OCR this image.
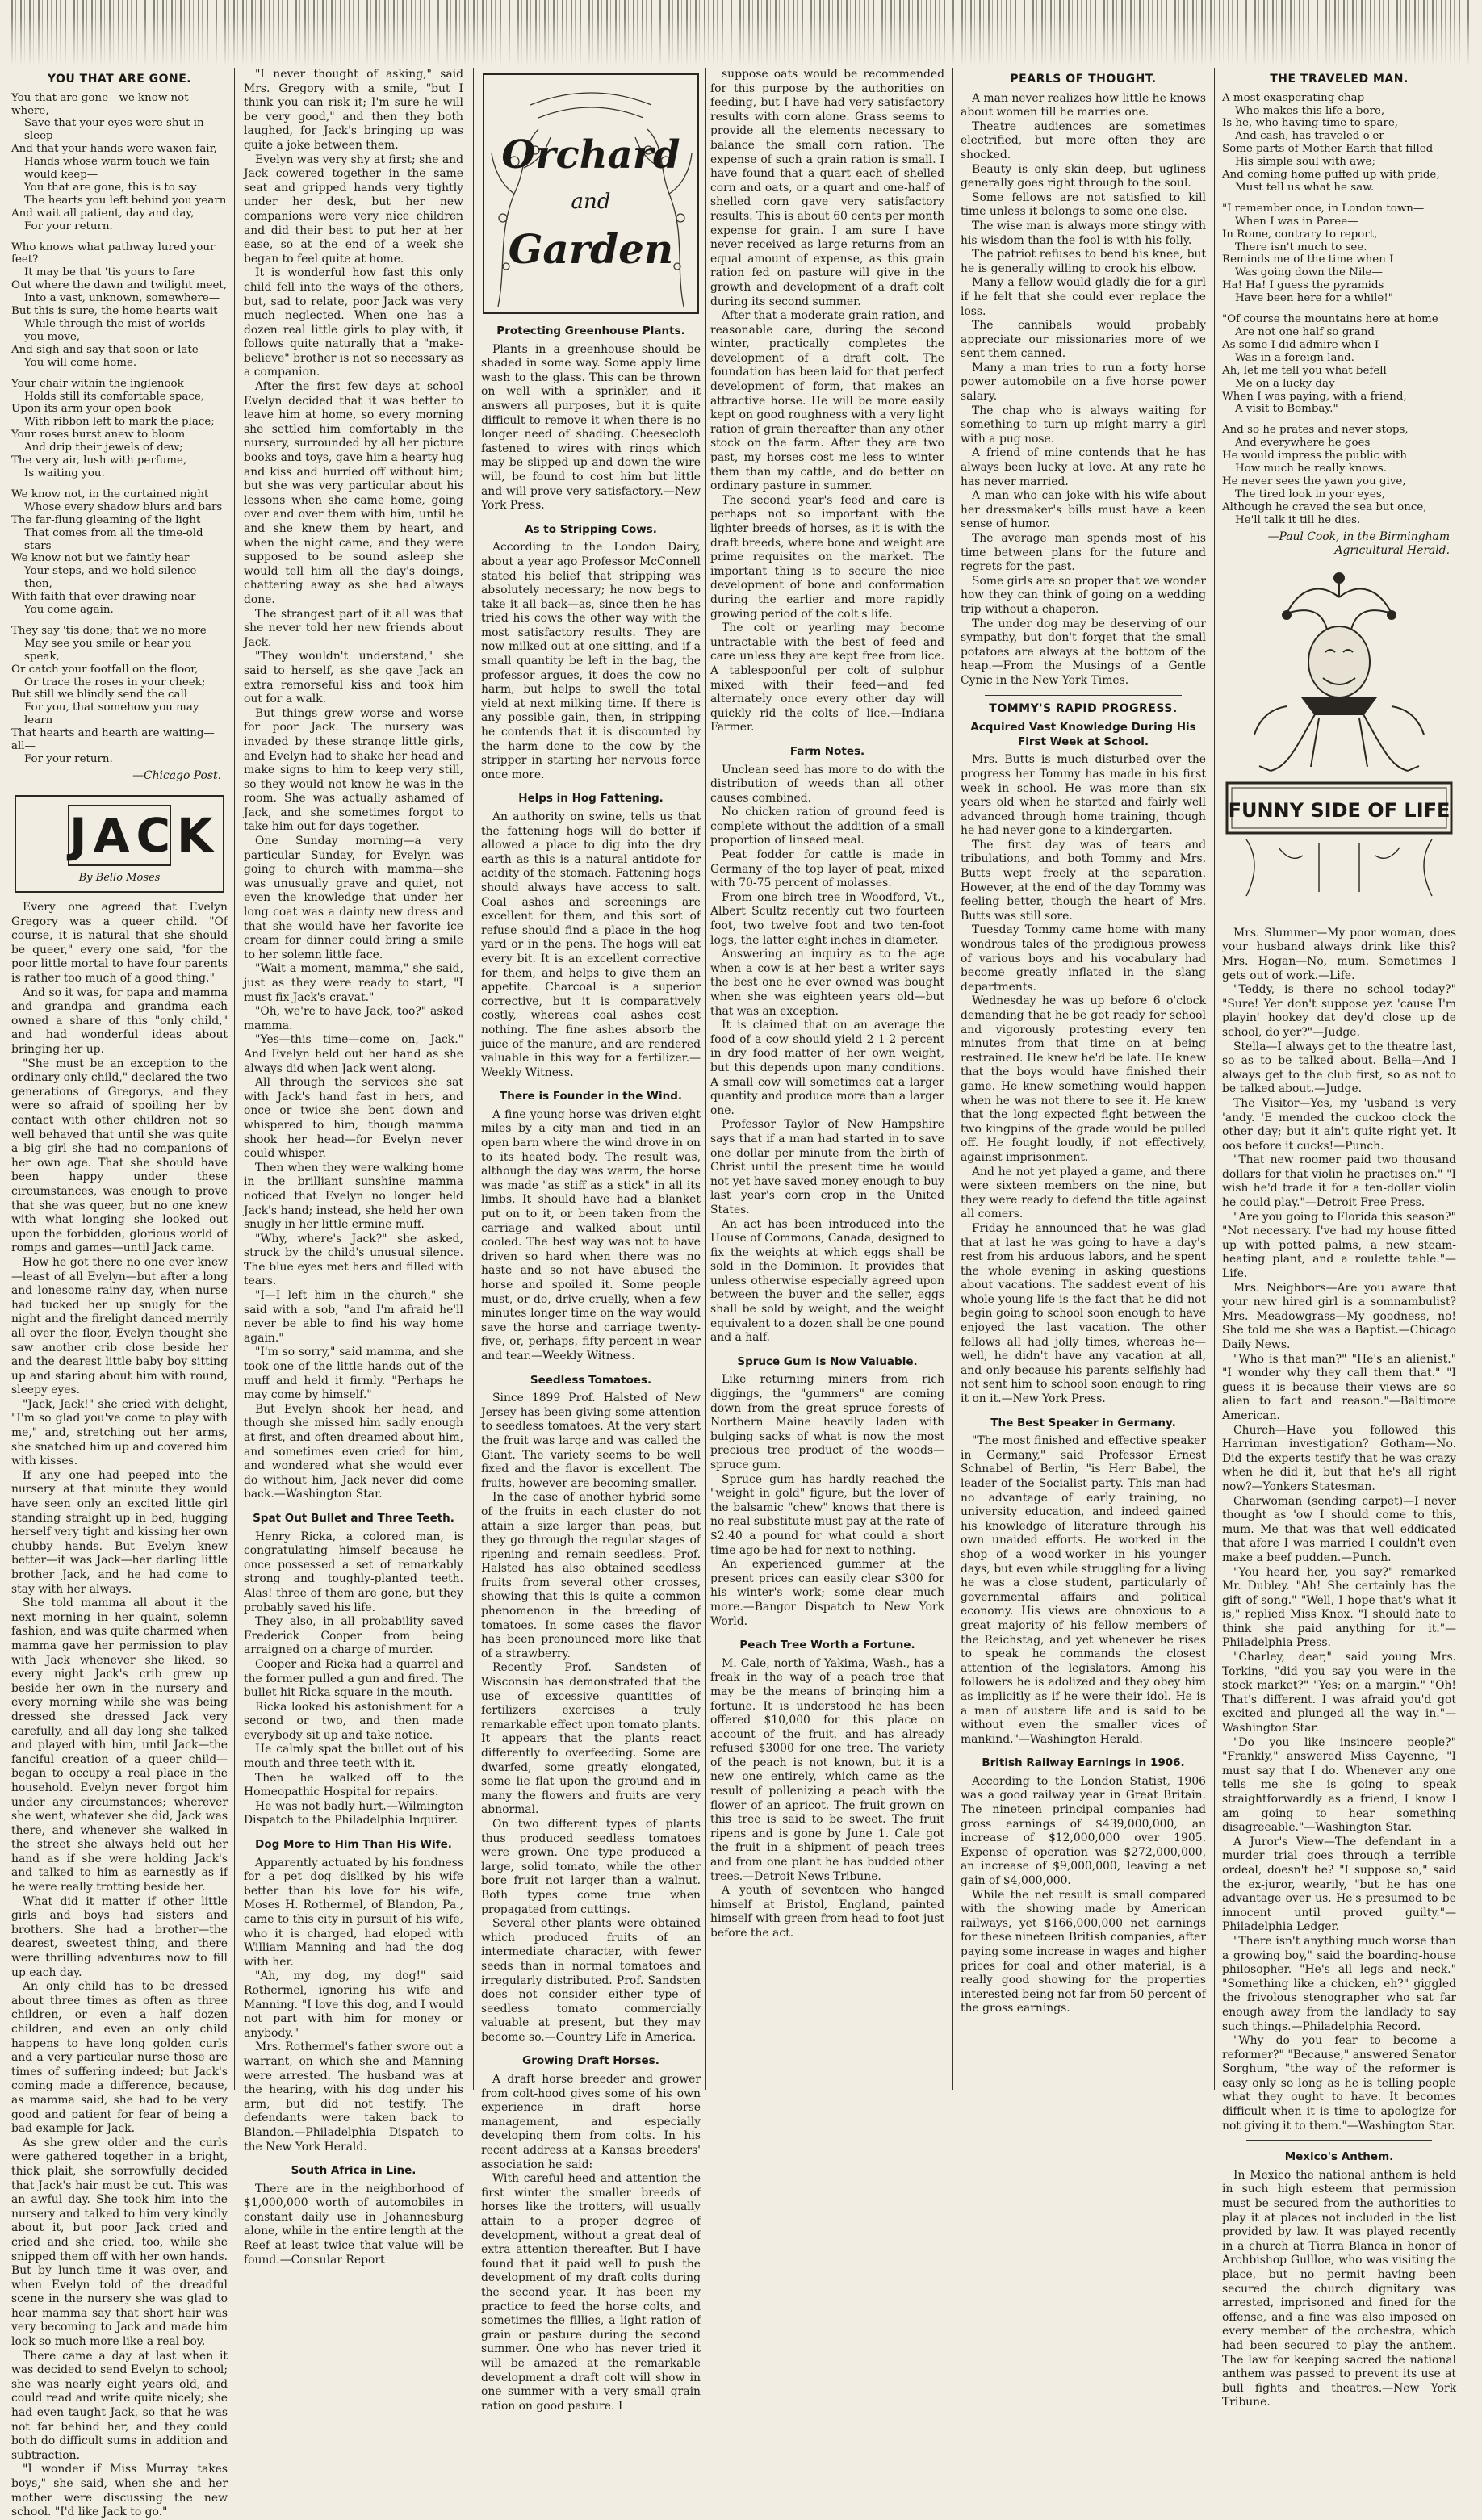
YOU THAT ARE GONE.
You that are gone—we know not where,
Save that your eyes were shut in sleep
And that your hands were waxen fair,
Hands whose warm touch we fain would keep—
You that are gone, this is to say
The hearts you left behind you yearn
And wait all patient, day and day,
For your return.
Who knows what pathway lured your feet?
It may be that 'tis yours to fare
Out where the dawn and twilight meet,
Into a vast, unknown, somewhere—
But this is sure, the home hearts wait
While through the mist of worlds you move,
And sigh and say that soon or late
You will come home.
Your chair within the inglenook
Holds still its comfortable space,
Upon its arm your open book
With ribbon left to mark the place;
Your roses burst anew to bloom
And drip their jewels of dew;
The very air, lush with perfume,
Is waiting you.
We know not, in the curtained night
Whose every shadow blurs and bars
The far-flung gleaming of the light
That comes from all the time-old stars—
We know not but we faintly hear
Your steps, and we hold silence then,
With faith that ever drawing near
You come again.
They say 'tis done; that we no more
May see you smile or hear you speak,
Or catch your footfall on the floor,
Or trace the roses in your cheek;
But still we blindly send the call
For you, that somehow you may learn
That hearts and hearth are waiting—all—
For your return.
—Chicago Post.
JACK
By Bello Moses

Every one agreed that Evelyn Gregory was a queer child. "Of course, it is natural that she should be queer," every one said, "for the poor little mortal to have four parents is rather too much of a good thing."

And so it was, for papa and mamma and grandpa and grandma each owned a share of this "only child," and had wonderful ideas about bringing her up.

"She must be an exception to the ordinary only child," declared the two generations of Gregorys, and they were so afraid of spoiling her by contact with other children not so well behaved that until she was quite a big girl she had no companions of her own age. That she should have been happy under these circumstances, was enough to prove that she was queer, but no one knew with what longing she looked out upon the forbidden, glorious world of romps and games—until Jack came.

How he got there no one ever knew—least of all Evelyn—but after a long and lonesome rainy day, when nurse had tucked her up snugly for the night and the firelight danced merrily all over the floor, Evelyn thought she saw another crib close beside her and the dearest little baby boy sitting up and staring about him with round, sleepy eyes.

"Jack, Jack!" she cried with delight, "I'm so glad you've come to play with me," and, stretching out her arms, she snatched him up and covered him with kisses.

If any one had peeped into the nursery at that minute they would have seen only an excited little girl standing straight up in bed, hugging herself very tight and kissing her own chubby hands. But Evelyn knew better—it was Jack—her darling little brother Jack, and he had come to stay with her always.

She told mamma all about it the next morning in her quaint, solemn fashion, and was quite charmed when mamma gave her permission to play with Jack whenever she liked, so every night Jack's crib grew up beside her own in the nursery and every morning while she was being dressed she dressed Jack very carefully, and all day long she talked and played with him, until Jack—the fanciful creation of a queer child—began to occupy a real place in the household. Evelyn never forgot him under any circumstances; wherever she went, whatever she did, Jack was there, and whenever she walked in the street she always held out her hand as if she were holding Jack's and talked to him as earnestly as if he were really trotting beside her.

What did it matter if other little girls and boys had sisters and brothers. She had a brother—the dearest, sweetest thing, and there were thrilling adventures now to fill up each day.

An only child has to be dressed about three times as often as three children, or even a half dozen children, and even an only child happens to have long golden curls and a very particular nurse those are times of suffering indeed; but Jack's coming made a difference, because, as mamma said, she had to be very good and patient for fear of being a bad example for Jack.

As she grew older and the curls were gathered together in a bright, thick plait, she sorrowfully decided that Jack's hair must be cut. This was an awful day. She took him into the nursery and talked to him very kindly about it, but poor Jack cried and cried and she cried, too, while she snipped them off with her own hands. But by lunch time it was over, and when Evelyn told of the dreadful scene in the nursery she was glad to hear mamma say that short hair was very becoming to Jack and made him look so much more like a real boy.

There came a day at last when it was decided to send Evelyn to school; she was nearly eight years old, and could read and write quite nicely; she had even taught Jack, so that he was not far behind her, and they could both do difficult sums in addition and subtraction.

"I wonder if Miss Murray takes boys," she said, when she and her mother were discussing the new school. "I'd like Jack to go."

"I never thought of asking," said Mrs. Gregory with a smile, "but I think you can risk it; I'm sure he will be very good," and then they both laughed, for Jack's bringing up was quite a joke between them.

Evelyn was very shy at first; she and Jack cowered together in the same seat and gripped hands very tightly under her desk, but her new companions were very nice children and did their best to put her at her ease, so at the end of a week she began to feel quite at home.

It is wonderful how fast this only child fell into the ways of the others, but, sad to relate, poor Jack was very much neglected. When one has a dozen real little girls to play with, it follows quite naturally that a "make-believe" brother is not so necessary as a companion.

After the first few days at school Evelyn decided that it was better to leave him at home, so every morning she settled him comfortably in the nursery, surrounded by all her picture books and toys, gave him a hearty hug and kiss and hurried off without him; but she was very particular about his lessons when she came home, going over and over them with him, until he and she knew them by heart, and when the night came, and they were supposed to be sound asleep she would tell him all the day's doings, chattering away as she had always done.

The strangest part of it all was that she never told her new friends about Jack.

"They wouldn't understand," she said to herself, as she gave Jack an extra remorseful kiss and took him out for a walk.

But things grew worse and worse for poor Jack. The nursery was invaded by these strange little girls, and Evelyn had to shake her head and make signs to him to keep very still, so they would not know he was in the room. She was actually ashamed of Jack, and she sometimes forgot to take him out for days together.

One Sunday morning—a very particular Sunday, for Evelyn was going to church with mamma—she was unusually grave and quiet, not even the knowledge that under her long coat was a dainty new dress and that she would have her favorite ice cream for dinner could bring a smile to her solemn little face.

"Wait a moment, mamma," she said, just as they were ready to start, "I must fix Jack's cravat."

"Oh, we're to have Jack, too?" asked mamma.

"Yes—this time—come on, Jack." And Evelyn held out her hand as she always did when Jack went along.

All through the services she sat with Jack's hand fast in hers, and once or twice she bent down and whispered to him, though mamma shook her head—for Evelyn never could whisper.

Then when they were walking home in the brilliant sunshine mamma noticed that Evelyn no longer held Jack's hand; instead, she held her own snugly in her little ermine muff.

"Why, where's Jack?" she asked, struck by the child's unusual silence. The blue eyes met hers and filled with tears.

"I—I left him in the church," she said with a sob, "and I'm afraid he'll never be able to find his way home again."

"I'm so sorry," said mamma, and she took one of the little hands out of the muff and held it firmly. "Perhaps he may come by himself."

But Evelyn shook her head, and though she missed him sadly enough at first, and often dreamed about him, and sometimes even cried for him, and wondered what she would ever do without him, Jack never did come back.—Washington Star.

Spat Out Bullet and Three Teeth.

Henry Ricka, a colored man, is congratulating himself because he once possessed a set of remarkably strong and toughly-planted teeth. Alas! three of them are gone, but they probably saved his life.

They also, in all probability saved Frederick Cooper from being arraigned on a charge of murder.

Cooper and Ricka had a quarrel and the former pulled a gun and fired. The bullet hit Ricka square in the mouth.

Ricka looked his astonishment for a second or two, and then made everybody sit up and take notice.

He calmly spat the bullet out of his mouth and three teeth with it.

Then he walked off to the Homeopathic Hospital for repairs.

He was not badly hurt.—Wilmington Dispatch to the Philadelphia Inquirer.

Dog More to Him Than His Wife.

Apparently actuated by his fondness for a pet dog disliked by his wife better than his love for his wife, Moses H. Rothermel, of Blandon, Pa., came to this city in pursuit of his wife, who it is charged, had eloped with William Manning and had the dog with her.

"Ah, my dog, my dog!" said Rothermel, ignoring his wife and Manning. "I love this dog, and I would not part with him for money or anybody."

Mrs. Rothermel's father swore out a warrant, on which she and Manning were arrested. The husband was at the hearing, with his dog under his arm, but did not testify. The defendants were taken back to Blandon.—Philadelphia Dispatch to the New York Herald.

South Africa in Line.

There are in the neighborhood of $1,000,000 worth of automobiles in constant daily use in Johannesburg alone, while in the entire length at the Reef at least twice that value will be found.—Consular Report

Orchard
and
Garden
Protecting Greenhouse Plants.

Plants in a greenhouse should be shaded in some way. Some apply lime wash to the glass. This can be thrown on well with a sprinkler, and it answers all purposes, but it is quite difficult to remove it when there is no longer need of shading. Cheesecloth fastened to wires with rings which may be slipped up and down the wire will, be found to cost him but little and will prove very satisfactory.—New York Press.

As to Stripping Cows.

According to the London Dairy, about a year ago Professor McConnell stated his belief that stripping was absolutely necessary; he now begs to take it all back—as, since then he has tried his cows the other way with the most satisfactory results. They are now milked out at one sitting, and if a small quantity be left in the bag, the professor argues, it does the cow no harm, but helps to swell the total yield at next milking time. If there is any possible gain, then, in stripping he contends that it is discounted by the harm done to the cow by the stripper in starting her nervous force once more.

Helps in Hog Fattening.

An authority on swine, tells us that the fattening hogs will do better if allowed a place to dig into the dry earth as this is a natural antidote for acidity of the stomach. Fattening hogs should always have access to salt. Coal ashes and screenings are excellent for them, and this sort of refuse should find a place in the hog yard or in the pens. The hogs will eat every bit. It is an excellent corrective for them, and helps to give them an appetite. Charcoal is a superior corrective, but it is comparatively costly, whereas coal ashes cost nothing. The fine ashes absorb the juice of the manure, and are rendered valuable in this way for a fertilizer.—Weekly Witness.

There is Founder in the Wind.

A fine young horse was driven eight miles by a city man and tied in an open barn where the wind drove in on to its heated body. The result was, although the day was warm, the horse was made "as stiff as a stick" in all its limbs. It should have had a blanket put on to it, or been taken from the carriage and walked about until cooled. The best way was not to have driven so hard when there was no haste and so not have abused the horse and spoiled it. Some people must, or do, drive cruelly, when a few minutes longer time on the way would save the horse and carriage twenty-five, or, perhaps, fifty percent in wear and tear.—Weekly Witness.

Seedless Tomatoes.

Since 1899 Prof. Halsted of New Jersey has been giving some attention to seedless tomatoes. At the very start the fruit was large and was called the Giant. The variety seems to be well fixed and the flavor is excellent. The fruits, however are becoming smaller.

In the case of another hybrid some of the fruits in each cluster do not attain a size larger than peas, but they go through the regular stages of ripening and remain seedless. Prof. Halsted has also obtained seedless fruits from several other crosses, showing that this is quite a common phenomenon in the breeding of tomatoes. In some cases the flavor has been pronounced more like that of a strawberry.

Recently Prof. Sandsten of Wisconsin has demonstrated that the use of excessive quantities of fertilizers exercises a truly remarkable effect upon tomato plants. It appears that the plants react differently to overfeeding. Some are dwarfed, some greatly elongated, some lie flat upon the ground and in many the flowers and fruits are very abnormal.

On two different types of plants thus produced seedless tomatoes were grown. One type produced a large, solid tomato, while the other bore fruit not larger than a walnut. Both types come true when propagated from cuttings.

Several other plants were obtained which produced fruits of an intermediate character, with fewer seeds than in normal tomatoes and irregularly distributed. Prof. Sandsten does not consider either type of seedless tomato commercially valuable at present, but they may become so.—Country Life in America.

Growing Draft Horses.

A draft horse breeder and grower from colt-hood gives some of his own experience in draft horse management, and especially developing them from colts. In his recent address at a Kansas breeders' association he said:

With careful heed and attention the first winter the smaller breeds of horses like the trotters, will usually attain to a proper degree of development, without a great deal of extra attention thereafter. But I have found that it paid well to push the development of my draft colts during the second year. It has been my practice to feed the horse colts, and sometimes the fillies, a light ration of grain or pasture during the second summer. One who has never tried it will be amazed at the remarkable development a draft colt will show in one summer with a very small grain ration on good pasture. I

suppose oats would be recommended for this purpose by the authorities on feeding, but I have had very satisfactory results with corn alone. Grass seems to provide all the elements necessary to balance the small corn ration. The expense of such a grain ration is small. I have found that a quart each of shelled corn and oats, or a quart and one-half of shelled corn gave very satisfactory results. This is about 60 cents per month expense for grain. I am sure I have never received as large returns from an equal amount of expense, as this grain ration fed on pasture will give in the growth and development of a draft colt during its second summer.

After that a moderate grain ration, and reasonable care, during the second winter, practically completes the development of a draft colt. The foundation has been laid for that perfect development of form, that makes an attractive horse. He will be more easily kept on good roughness with a very light ration of grain thereafter than any other stock on the farm. After they are two past, my horses cost me less to winter them than my cattle, and do better on ordinary pasture in summer.

The second year's feed and care is perhaps not so important with the lighter breeds of horses, as it is with the draft breeds, where bone and weight are prime requisites on the market. The important thing is to secure the nice development of bone and conformation during the earlier and more rapidly growing period of the colt's life.

The colt or yearling may become untractable with the best of feed and care unless they are kept free from lice. A tablespoonful per colt of sulphur mixed with their feed—and fed alternately once every other day will quickly rid the colts of lice.—Indiana Farmer.

Farm Notes.

Unclean seed has more to do with the distribution of weeds than all other causes combined.

No chicken ration of ground feed is complete without the addition of a small proportion of linseed meal.

Peat fodder for cattle is made in Germany of the top layer of peat, mixed with 70-75 percent of molasses.

From one birch tree in Woodford, Vt., Albert Scultz recently cut two fourteen foot, two twelve foot and two ten-foot logs, the latter eight inches in diameter.

Answering an inquiry as to the age when a cow is at her best a writer says the best one he ever owned was bought when she was eighteen years old—but that was an exception.

It is claimed that on an average the food of a cow should yield 2 1-2 percent in dry food matter of her own weight, but this depends upon many conditions. A small cow will sometimes eat a larger quantity and produce more than a larger one.

Professor Taylor of New Hampshire says that if a man had started in to save one dollar per minute from the birth of Christ until the present time he would not yet have saved money enough to buy last year's corn crop in the United States.

An act has been introduced into the House of Commons, Canada, designed to fix the weights at which eggs shall be sold in the Dominion. It provides that unless otherwise especially agreed upon between the buyer and the seller, eggs shall be sold by weight, and the weight equivalent to a dozen shall be one pound and a half.

Spruce Gum Is Now Valuable.

Like returning miners from rich diggings, the "gummers" are coming down from the great spruce forests of Northern Maine heavily laden with bulging sacks of what is now the most precious tree product of the woods—spruce gum.

Spruce gum has hardly reached the "weight in gold" figure, but the lover of the balsamic "chew" knows that there is no real substitute must pay at the rate of $2.40 a pound for what could a short time ago be had for next to nothing.

An experienced gummer at the present prices can easily clear $300 for his winter's work; some clear much more.—Bangor Dispatch to New York World.

Peach Tree Worth a Fortune.

M. Cale, north of Yakima, Wash., has a freak in the way of a peach tree that may be the means of bringing him a fortune. It is understood he has been offered $10,000 for this place on account of the fruit, and has already refused $3000 for one tree. The variety of the peach is not known, but it is a new one entirely, which came as the result of pollenizing a peach with the flower of an apricot. The fruit grown on this tree is said to be sweet. The fruit ripens and is gone by June 1. Cale got the fruit in a shipment of peach trees and from one plant he has budded other trees.—Detroit News-Tribune.

A youth of seventeen who hanged himself at Bristol, England, painted himself with green from head to foot just before the act.

PEARLS OF THOUGHT.

A man never realizes how little he knows about women till he marries one.

Theatre audiences are sometimes electrified, but more often they are shocked.

Beauty is only skin deep, but ugliness generally goes right through to the soul.

Some fellows are not satisfied to kill time unless it belongs to some one else.

The wise man is always more stingy with his wisdom than the fool is with his folly.

The patriot refuses to bend his knee, but he is generally willing to crook his elbow.

Many a fellow would gladly die for a girl if he felt that she could ever replace the loss.

The cannibals would probably appreciate our missionaries more of we sent them canned.

Many a man tries to run a forty horse power automobile on a five horse power salary.

The chap who is always waiting for something to turn up might marry a girl with a pug nose.

A friend of mine contends that he has always been lucky at love. At any rate he has never married.

A man who can joke with his wife about her dressmaker's bills must have a keen sense of humor.

The average man spends most of his time between plans for the future and regrets for the past.

Some girls are so proper that we wonder how they can think of going on a wedding trip without a chaperon.

The under dog may be deserving of our sympathy, but don't forget that the small potatoes are always at the bottom of the heap.—From the Musings of a Gentle Cynic in the New York Times.

TOMMY'S RAPID PROGRESS.
Acquired Vast Knowledge During His First Week at School.

Mrs. Butts is much disturbed over the progress her Tommy has made in his first week in school. He was more than six years old when he started and fairly well advanced through home training, though he had never gone to a kindergarten.

The first day was of tears and tribulations, and both Tommy and Mrs. Butts wept freely at the separation. However, at the end of the day Tommy was feeling better, though the heart of Mrs. Butts was still sore.

Tuesday Tommy came home with many wondrous tales of the prodigious prowess of various boys and his vocabulary had become greatly inflated in the slang departments.

Wednesday he was up before 6 o'clock demanding that he be got ready for school and vigorously protesting every ten minutes from that time on at being restrained. He knew he'd be late. He knew that the boys would have finished their game. He knew something would happen when he was not there to see it. He knew that the long expected fight between the two kingpins of the grade would be pulled off. He fought loudly, if not effectively, against imprisonment.

And he not yet played a game, and there were sixteen members on the nine, but they were ready to defend the title against all comers.

Friday he announced that he was glad that at last he was going to have a day's rest from his arduous labors, and he spent the whole evening in asking questions about vacations. The saddest event of his whole young life is the fact that he did not begin going to school soon enough to have enjoyed the last vacation. The other fellows all had jolly times, whereas he—well, he didn't have any vacation at all, and only because his parents selfishly had not sent him to school soon enough to ring it on it.—New York Press.

The Best Speaker in Germany.

"The most finished and effective speaker in Germany," said Professor Ernest Schnabel of Berlin, "is Herr Babel, the leader of the Socialist party. This man had no advantage of early training, no university education, and indeed gained his knowledge of literature through his own unaided efforts. He worked in the shop of a wood-worker in his younger days, but even while struggling for a living he was a close student, particularly of governmental affairs and political economy. His views are obnoxious to a great majority of his fellow members of the Reichstag, and yet whenever he rises to speak he commands the closest attention of the legislators. Among his followers he is adolized and they obey him as implicitly as if he were their idol. He is a man of austere life and is said to be without even the smaller vices of mankind."—Washington Herald.

British Railway Earnings in 1906.

According to the London Statist, 1906 was a good railway year in Great Britain. The nineteen principal companies had gross earnings of $439,000,000, an increase of $12,000,000 over 1905. Expense of operation was $272,000,000, an increase of $9,000,000, leaving a net gain of $4,000,000.

While the net result is small compared with the showing made by American railways, yet $166,000,000 net earnings for these nineteen British companies, after paying some increase in wages and higher prices for coal and other material, is a really good showing for the properties interested being not far from 50 percent of the gross earnings.

THE TRAVELED MAN.
A most exasperating chap
Who makes this life a bore,
Is he, who having time to spare,
And cash, has traveled o'er
Some parts of Mother Earth that filled
His simple soul with awe;
And coming home puffed up with pride,
Must tell us what he saw.
"I remember once, in London town—
When I was in Paree—
In Rome, contrary to report,
There isn't much to see.
Reminds me of the time when I
Was going down the Nile—
Ha! Ha! I guess the pyramids
Have been here for a while!"
"Of course the mountains here at home
Are not one half so grand
As some I did admire when I
Was in a foreign land.
Ah, let me tell you what befell
Me on a lucky day
When I was paying, with a friend,
A visit to Bombay."
And so he prates and never stops,
And everywhere he goes
He would impress the public with
How much he really knows.
He never sees the yawn you give,
The tired look in your eyes,
Although he craved the sea but once,
He'll talk it till he dies.
—Paul Cook, in the Birmingham Agricultural Herald.
FUNNY SIDE OF LIFE

Mrs. Slummer—My poor woman, does your husband always drink like this? Mrs. Hogan—No, mum. Sometimes I gets out of work.—Life.

"Teddy, is there no school today?" "Sure! Yer don't suppose yez 'cause I'm playin' hookey dat dey'd close up de school, do yer?"—Judge.

Stella—I always get to the theatre last, so as to be talked about. Bella—And I always get to the club first, so as not to be talked about.—Judge.

The Visitor—Yes, my 'usband is very 'andy. 'E mended the cuckoo clock the other day; but it ain't quite right yet. It oos before it cucks!—Punch.

"That new roomer paid two thousand dollars for that violin he practises on." "I wish he'd trade it for a ten-dollar violin he could play."—Detroit Free Press.

"Are you going to Florida this season?" "Not necessary. I've had my house fitted up with potted palms, a new steam-heating plant, and a roulette table."—Life.

Mrs. Neighbors—Are you aware that your new hired girl is a somnambulist? Mrs. Meadowgrass—My goodness, no! She told me she was a Baptist.—Chicago Daily News.

"Who is that man?" "He's an alienist." "I wonder why they call them that." "I guess it is because their views are so alien to fact and reason."—Baltimore American.

Church—Have you followed this Harriman investigation? Gotham—No. Did the experts testify that he was crazy when he did it, but that he's all right now?—Yonkers Statesman.

Charwoman (sending carpet)—I never thought as 'ow I should come to this, mum. Me that was that well eddicated that afore I was married I couldn't even make a beef pudden.—Punch.

"You heard her, you say?" remarked Mr. Dubley. "Ah! She certainly has the gift of song." "Well, I hope that's what it is," replied Miss Knox. "I should hate to think she paid anything for it."—Philadelphia Press.

"Charley, dear," said young Mrs. Torkins, "did you say you were in the stock market?" "Yes; on a margin." "Oh! That's different. I was afraid you'd got excited and plunged all the way in."—Washington Star.

"Do you like insincere people?" "Frankly," answered Miss Cayenne, "I must say that I do. Whenever any one tells me she is going to speak straightforwardly as a friend, I know I am going to hear something disagreeable."—Washington Star.

A Juror's View—The defendant in a murder trial goes through a terrible ordeal, doesn't he? "I suppose so," said the ex-juror, wearily, "but he has one advantage over us. He's presumed to be innocent until proved guilty."—Philadelphia Ledger.

"There isn't anything much worse than a growing boy," said the boarding-house philosopher. "He's all legs and neck." "Something like a chicken, eh?" giggled the frivolous stenographer who sat far enough away from the landlady to say such things.—Philadelphia Record.

"Why do you fear to become a reformer?" "Because," answered Senator Sorghum, "the way of the reformer is easy only so long as he is telling people what they ought to have. It becomes difficult when it is time to apologize for not giving it to them."—Washington Star.

Mexico's Anthem.

In Mexico the national anthem is held in such high esteem that permission must be secured from the authorities to play it at places not included in the list provided by law. It was played recently in a church at Tierra Blanca in honor of Archbishop Gullloe, who was visiting the place, but no permit having been secured the church dignitary was arrested, imprisoned and fined for the offense, and a fine was also imposed on every member of the orchestra, which had been secured to play the anthem. The law for keeping sacred the national anthem was passed to prevent its use at bull fights and theatres.—New York Tribune.
